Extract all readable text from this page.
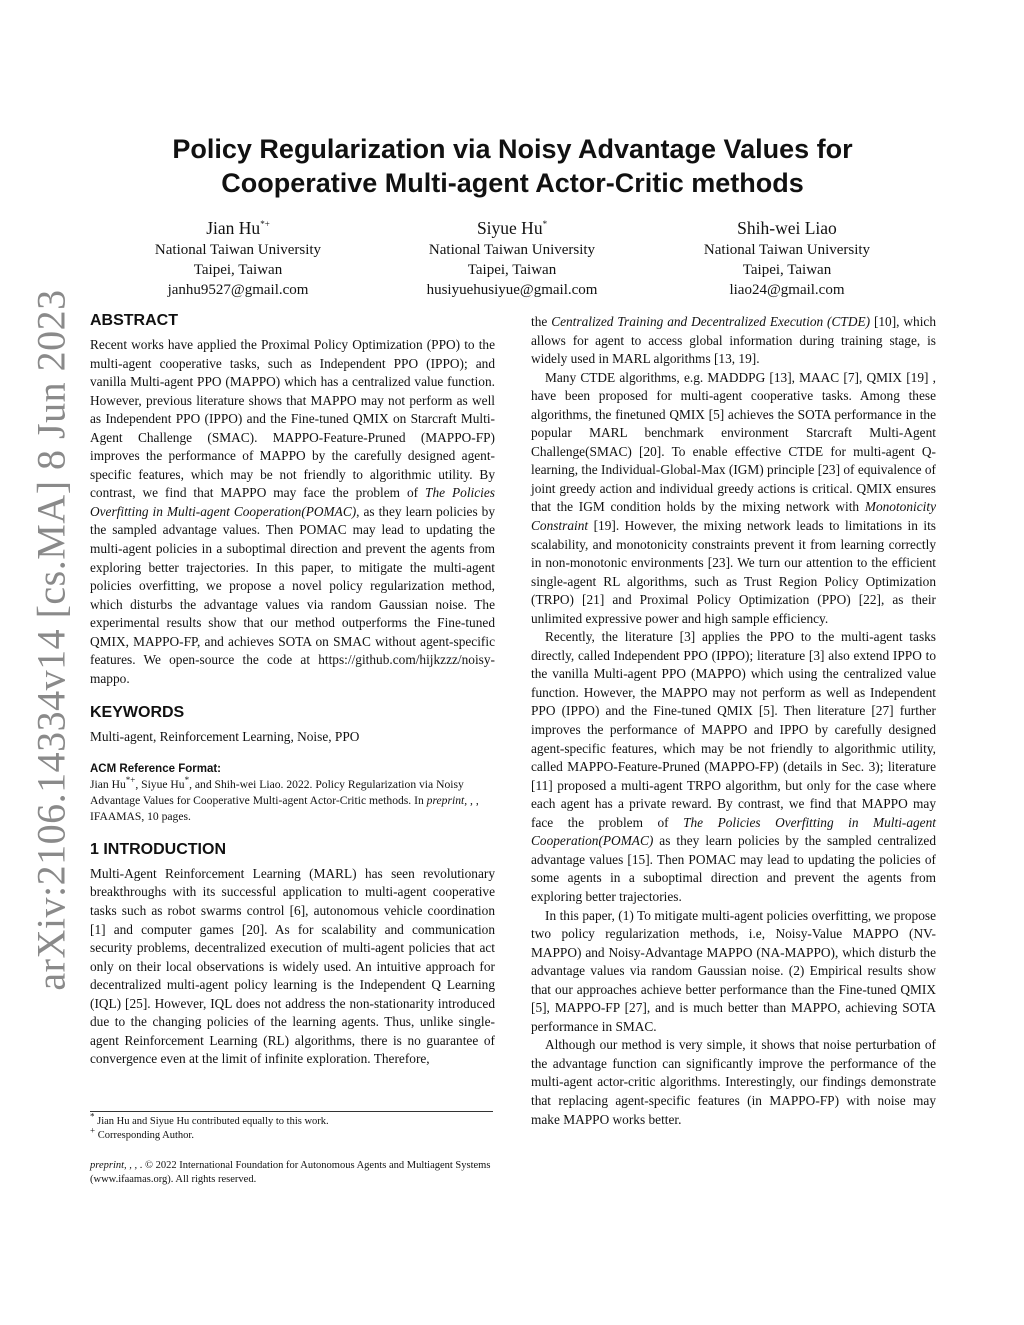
arXiv:2106.14334v14 [cs.MA] 8 Jun 2023
Policy Regularization via Noisy Advantage Values for
Cooperative Multi-agent Actor-Critic methods
Jian Hu*+
National Taiwan University
Taipei, Taiwan
janhu9527@gmail.com
Siyue Hu*
National Taiwan University
Taipei, Taiwan
husiyuehusiyue@gmail.com
Shih-wei Liao
National Taiwan University
Taipei, Taiwan
liao24@gmail.com
ABSTRACT

Recent works have applied the Proximal Policy Optimization (PPO) to the multi-agent cooperative tasks, such as Independent PPO (IPPO); and vanilla Multi-agent PPO (MAPPO) which has a centralized value function. However, previous literature shows that MAPPO may not perform as well as Independent PPO (IPPO) and the Fine-tuned QMIX on Starcraft Multi-Agent Challenge (SMAC). MAPPO-Feature-Pruned (MAPPO-FP) improves the performance of MAPPO by the carefully designed agent-specific features, which may be not friendly to algorithmic utility. By contrast, we find that MAPPO may face the problem of The Policies Overfitting in Multi-agent Cooperation(POMAC), as they learn policies by the sampled advantage values. Then POMAC may lead to updating the multi-agent policies in a suboptimal direction and prevent the agents from exploring better trajectories. In this paper, to mitigate the multi-agent policies overfitting, we propose a novel policy regularization method, which disturbs the advantage values via random Gaussian noise. The experimental results show that our method outperforms the Fine-tuned QMIX, MAPPO-FP, and achieves SOTA on SMAC without agent-specific features. We open-source the code at https://github.com/hijkzzz/noisy-mappo.

KEYWORDS

Multi-agent, Reinforcement Learning, Noise, PPO

ACM Reference Format:

Jian Hu*+, Siyue Hu*, and Shih-wei Liao. 2022. Policy Regularization via Noisy Advantage Values for Cooperative Multi-agent Actor-Critic methods. In preprint, , , IFAAMAS, 10 pages.

1 INTRODUCTION

Multi-Agent Reinforcement Learning (MARL) has seen revolutionary breakthroughs with its successful application to multi-agent cooperative tasks such as robot swarms control [6], autonomous vehicle coordination [1] and computer games [20]. As for scalability and communication security problems, decentralized execution of multi-agent policies that act only on their local observations is widely used. An intuitive approach for decentralized multi-agent policy learning is the Independent Q Learning (IQL) [25]. However, IQL does not address the non-stationarity introduced due to the changing policies of the learning agents. Thus, unlike single-agent Reinforcement Learning (RL) algorithms, there is no guarantee of convergence even at the limit of infinite exploration. Therefore,

* Jian Hu and Siyue Hu contributed equally to this work.
+ Corresponding Author.
preprint, , , . © 2022 International Foundation for Autonomous Agents and Multiagent Systems (www.ifaamas.org). All rights reserved.

the Centralized Training and Decentralized Execution (CTDE) [10], which allows for agent to access global information during training stage, is widely used in MARL algorithms [13, 19].

Many CTDE algorithms, e.g. MADDPG [13], MAAC [7], QMIX [19] , have been proposed for multi-agent cooperative tasks. Among these algorithms, the finetuned QMIX [5] achieves the SOTA performance in the popular MARL benchmark environment Starcraft Multi-Agent Challenge(SMAC) [20]. To enable effective CTDE for multi-agent Q-learning, the Individual-Global-Max (IGM) principle [23] of equivalence of joint greedy action and individual greedy actions is critical. QMIX ensures that the IGM condition holds by the mixing network with Monotonicity Constraint [19]. However, the mixing network leads to limitations in its scalability, and monotonicity constraints prevent it from learning correctly in non-monotonic environments [23]. We turn our attention to the efficient single-agent RL algorithms, such as Trust Region Policy Optimization (TRPO) [21] and Proximal Policy Optimization (PPO) [22], as their unlimited expressive power and high sample efficiency.

Recently, the literature [3] applies the PPO to the multi-agent tasks directly, called Independent PPO (IPPO); literature [3] also extend IPPO to the vanilla Multi-agent PPO (MAPPO) which using the centralized value function. However, the MAPPO may not perform as well as Independent PPO (IPPO) and the Fine-tuned QMIX [5]. Then literature [27] further improves the performance of MAPPO and IPPO by carefully designed agent-specific features, which may be not friendly to algorithmic utility, called MAPPO-Feature-Pruned (MAPPO-FP) (details in Sec. 3); literature [11] proposed a multi-agent TRPO algorithm, but only for the case where each agent has a private reward. By contrast, we find that MAPPO may face the problem of The Policies Overfitting in Multi-agent Cooperation(POMAC) as they learn policies by the sampled centralized advantage values [15]. Then POMAC may lead to updating the policies of some agents in a suboptimal direction and prevent the agents from exploring better trajectories.

In this paper, (1) To mitigate multi-agent policies overfitting, we propose two policy regularization methods, i.e, Noisy-Value MAPPO (NV-MAPPO) and Noisy-Advantage MAPPO (NA-MAPPO), which disturb the advantage values via random Gaussian noise. (2) Empirical results show that our approaches achieve better performance than the Fine-tuned QMIX [5], MAPPO-FP [27], and is much better than MAPPO, achieving SOTA performance in SMAC.

Although our method is very simple, it shows that noise perturbation of the advantage function can significantly improve the performance of the multi-agent actor-critic algorithms. Interestingly, our findings demonstrate that replacing agent-specific features (in MAPPO-FP) with noise may make MAPPO works better.
